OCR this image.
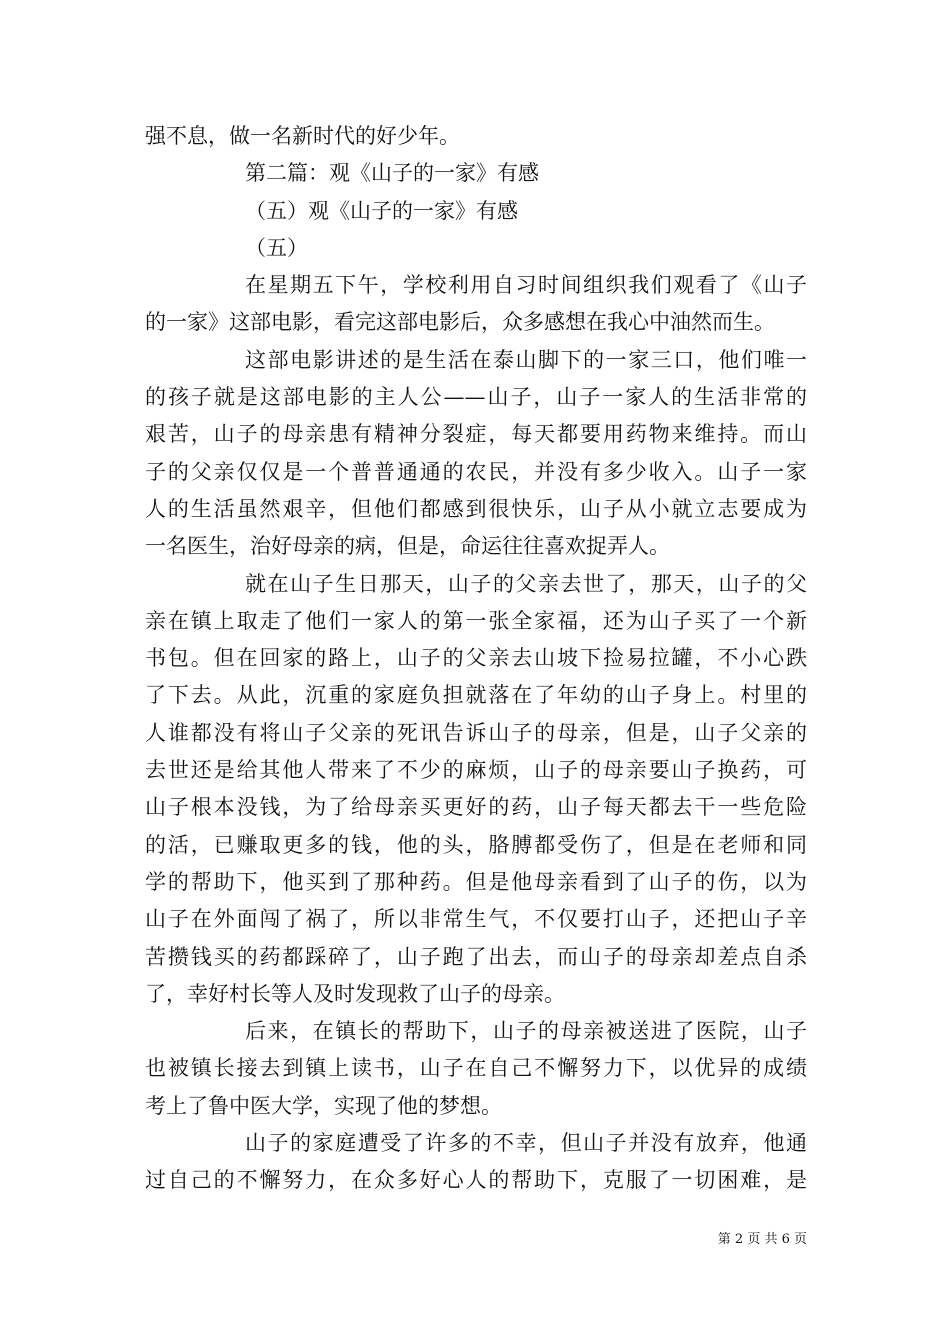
强不息，做一名新时代的好少年。
第二篇：观《山子的一家》有感
（五）观《山子的一家》有感
（五）
在星期五下午，学校利用自习时间组织我们观看了《山子
的一家》这部电影，看完这部电影后，众多感想在我心中油然而生。
这部电影讲述的是生活在泰山脚下的一家三口，他们唯一
的孩子就是这部电影的主人公——山子，山子一家人的生活非常的
艰苦，山子的母亲患有精神分裂症，每天都要用药物来维持。而山
子的父亲仅仅是一个普普通通的农民，并没有多少收入。山子一家
人的生活虽然艰辛，但他们都感到很快乐，山子从小就立志要成为
一名医生，治好母亲的病，但是，命运往往喜欢捉弄人。
就在山子生日那天，山子的父亲去世了，那天，山子的父
亲在镇上取走了他们一家人的第一张全家福，还为山子买了一个新
书包。但在回家的路上，山子的父亲去山坡下捡易拉罐，不小心跌
了下去。从此，沉重的家庭负担就落在了年幼的山子身上。村里的
人谁都没有将山子父亲的死讯告诉山子的母亲，但是，山子父亲的
去世还是给其他人带来了不少的麻烦，山子的母亲要山子换药，可
山子根本没钱，为了给母亲买更好的药，山子每天都去干一些危险
的活，已赚取更多的钱，他的头，胳膊都受伤了，但是在老师和同
学的帮助下，他买到了那种药。但是他母亲看到了山子的伤，以为
山子在外面闯了祸了，所以非常生气，不仅要打山子，还把山子辛
苦攒钱买的药都踩碎了，山子跑了出去，而山子的母亲却差点自杀
了，幸好村长等人及时发现救了山子的母亲。
后来，在镇长的帮助下，山子的母亲被送进了医院，山子
也被镇长接去到镇上读书，山子在自己不懈努力下，以优异的成绩
考上了鲁中医大学，实现了他的梦想。
山子的家庭遭受了许多的不幸，但山子并没有放弃，他通
过自己的不懈努力，在众多好心人的帮助下，克服了一切困难，是
第 2 页 共 6 页
